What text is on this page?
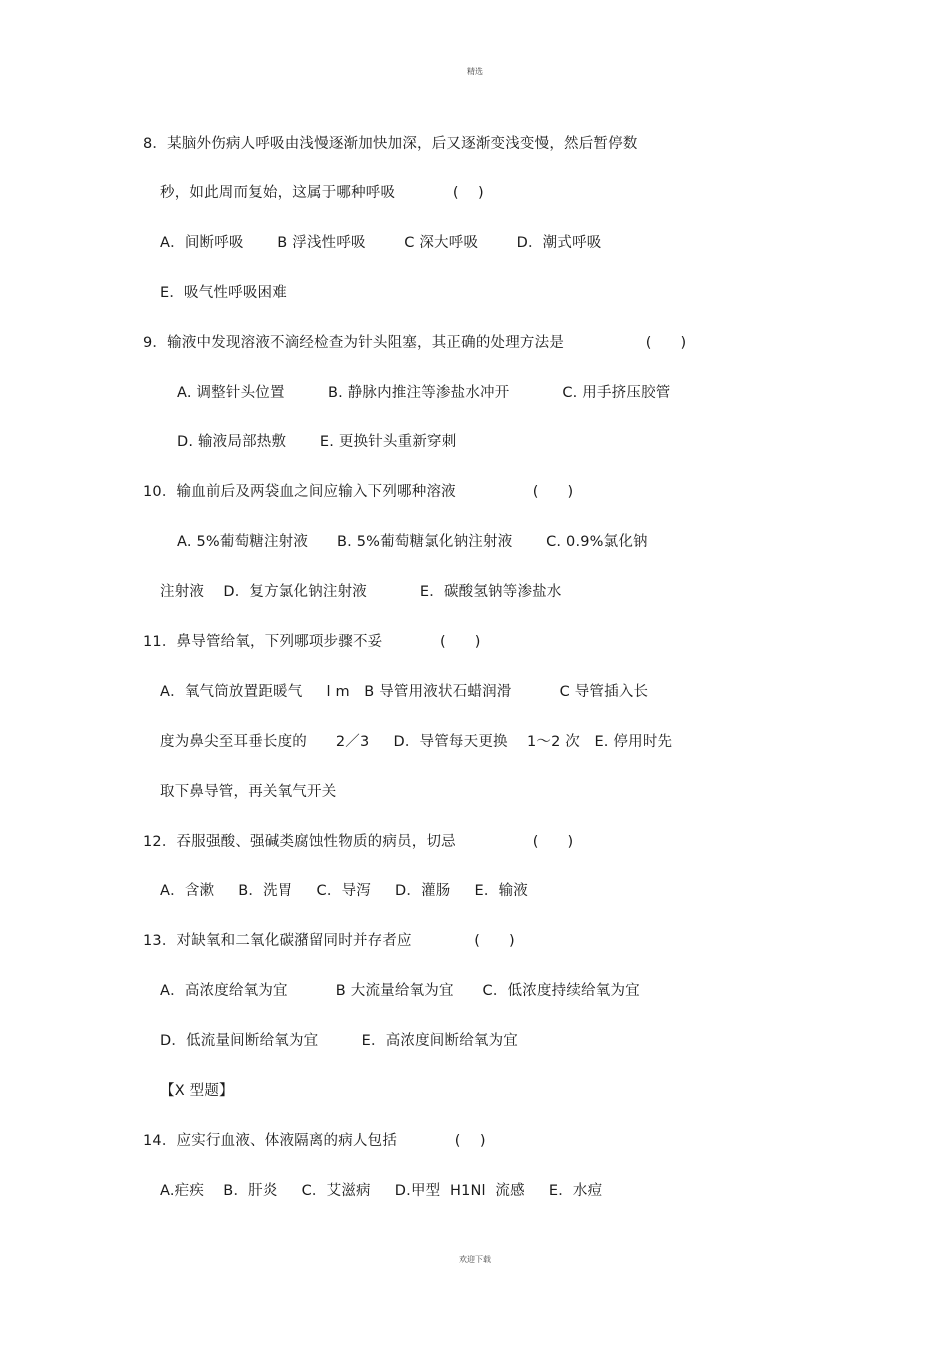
精选
8．某脑外伤病人呼吸由浅慢逐渐加快加深，后又逐渐变浅变慢，然后暂停数
秒，如此周而复始，这属于哪种呼吸            (    )
A．间断呼吸       B 浮浅性呼吸        C 深大呼吸        D．潮式呼吸
E．吸气性呼吸困难
9．输液中发现溶液不滴经检查为针头阻塞，其正确的处理方法是                 (      )
A. 调整针头位置         B. 静脉内推注等渗盐水冲开           C. 用手挤压胶管
D. 输液局部热敷       E. 更换针头重新穿刺
10．输血前后及两袋血之间应输入下列哪种溶液                (      )
A. 5%葡萄糖注射液      B. 5%葡萄糖氯化钠注射液       C. 0.9%氯化钠
注射液    D．复方氯化钠注射液           E．碳酸氢钠等渗盐水
11．鼻导管给氧，下列哪项步骤不妥            (      )
A．氧气筒放置距暖气     l m   B 导管用液状石蜡润滑          C 导管插入长
度为鼻尖至耳垂长度的      2／3     D．导管每天更换    1～2 次   E. 停用时先
取下鼻导管，再关氧气开关
12．吞服强酸、强碱类腐蚀性物质的病员，切忌                (      )
A．含漱     B．洗胃     C．导泻     D．灌肠     E．输液
13．对缺氧和二氧化碳潴留同时并存者应             (      )
A．高浓度给氧为宜          B 大流量给氧为宜      C．低浓度持续给氧为宜
D．低流量间断给氧为宜         E．高浓度间断给氧为宜
【X 型题】
14．应实行血液、体液隔离的病人包括            (    )
A.疟疾    B．肝炎     C．艾滋病     D.甲型  H1Nl  流感     E．水痘
欢迎下载
